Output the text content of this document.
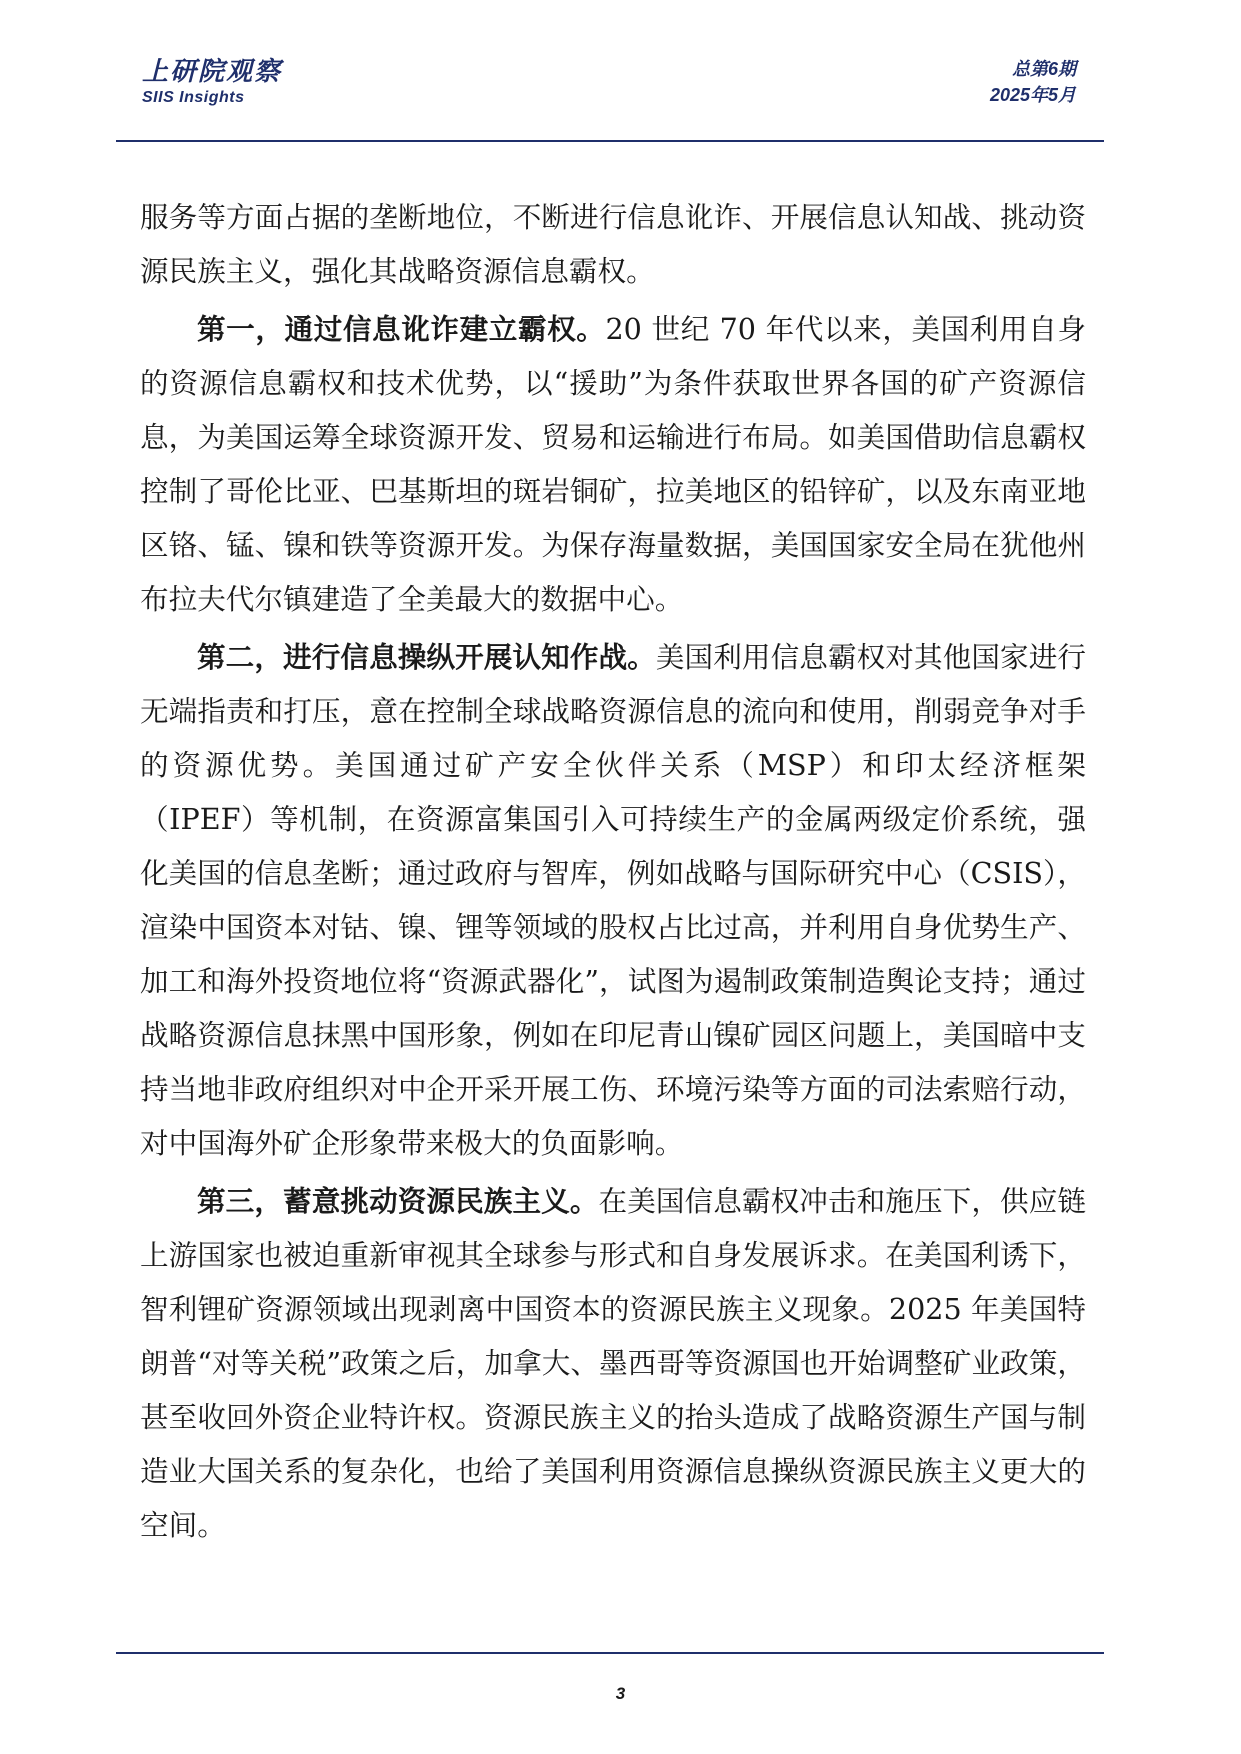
上研院观察
SIIS Insights
总第6期
2025年5月

服务等方面占据的垄断地位，不断进行信息讹诈、开展信息认知战、挑动资源民族主义，强化其战略资源信息霸权。

第一，通过信息讹诈建立霸权。20 世纪 70 年代以来，美国利用自身的资源信息霸权和技术优势，以“援助”为条件获取世界各国的矿产资源信息，为美国运筹全球资源开发、贸易和运输进行布局。如美国借助信息霸权控制了哥伦比亚、巴基斯坦的斑岩铜矿，拉美地区的铅锌矿，以及东南亚地区铬、锰、镍和铁等资源开发。为保存海量数据，美国国家安全局在犹他州布拉夫代尔镇建造了全美最大的数据中心。

第二，进行信息操纵开展认知作战。美国利用信息霸权对其他国家进行无端指责和打压，意在控制全球战略资源信息的流向和使用，削弱竞争对手的资源优势。美国通过矿产安全伙伴关系（MSP）和印太经济框架（IPEF）等机制，在资源富集国引入可持续生产的金属两级定价系统，强化美国的信息垄断；通过政府与智库，例如战略与国际研究中心（CSIS），渲染中国资本对钴、镍、锂等领域的股权占比过高，并利用自身优势生产、加工和海外投资地位将“资源武器化”，试图为遏制政策制造舆论支持；通过战略资源信息抹黑中国形象，例如在印尼青山镍矿园区问题上，美国暗中支持当地非政府组织对中企开采开展工伤、环境污染等方面的司法索赔行动，对中国海外矿企形象带来极大的负面影响。

第三，蓄意挑动资源民族主义。在美国信息霸权冲击和施压下，供应链上游国家也被迫重新审视其全球参与形式和自身发展诉求。在美国利诱下，智利锂矿资源领域出现剥离中国资本的资源民族主义现象。2025 年美国特朗普“对等关税”政策之后，加拿大、墨西哥等资源国也开始调整矿业政策，甚至收回外资企业特许权。资源民族主义的抬头造成了战略资源生产国与制造业大国关系的复杂化，也给了美国利用资源信息操纵资源民族主义更大的空间。

3
